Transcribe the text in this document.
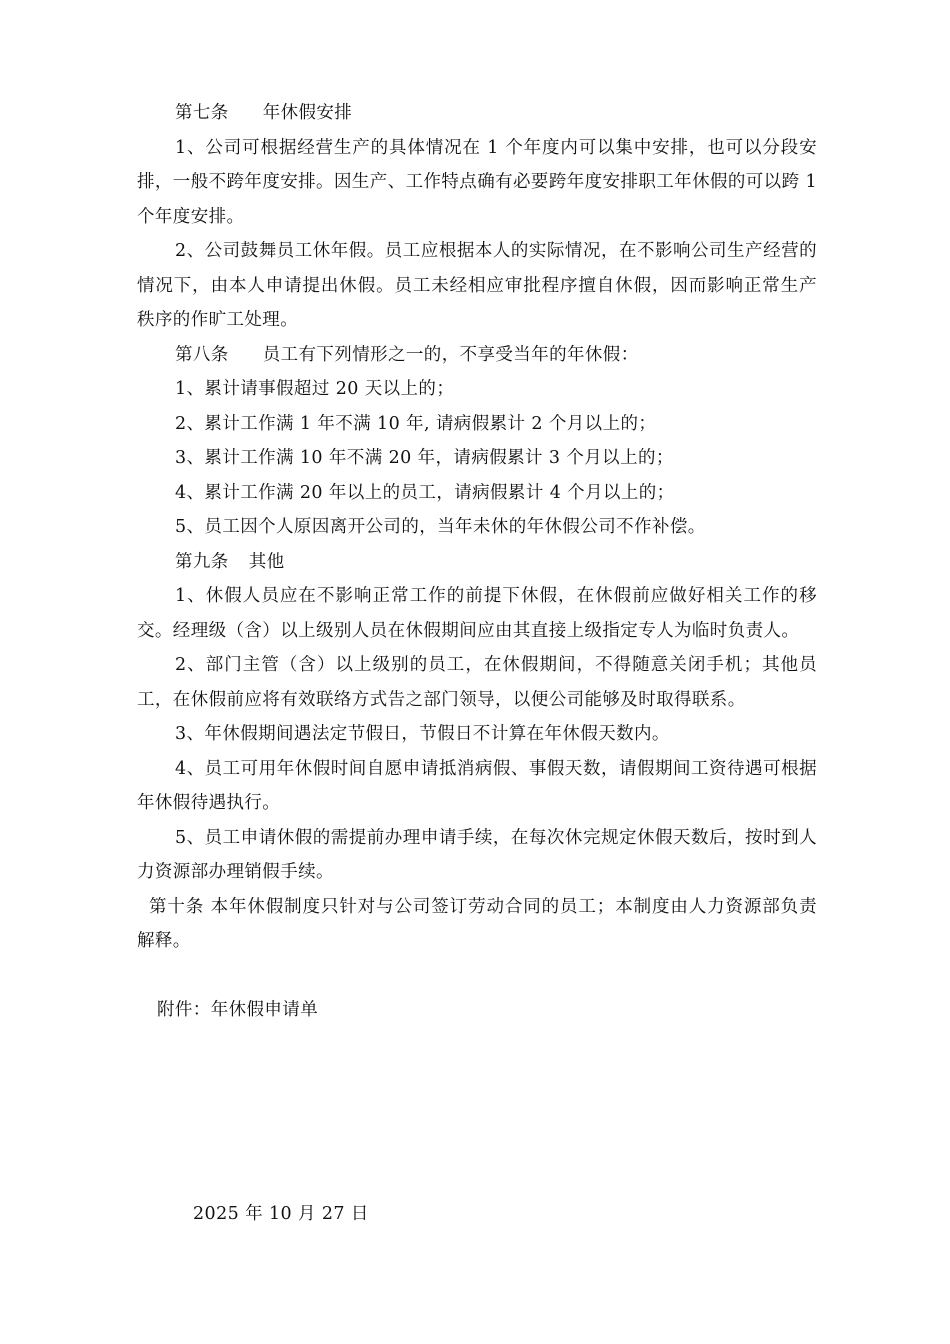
第七条 年休假安排

1、公司可根据经营生产的具体情况在 1 个年度内可以集中安排，也可以分段安排，一般不跨年度安排。因生产、工作特点确有必要跨年度安排职工年休假的可以跨 1 个年度安排。

2、公司鼓舞员工休年假。员工应根据本人的实际情况，在不影响公司生产经营的情况下，由本人申请提出休假。员工未经相应审批程序擅自休假，因而影响正常生产秩序的作旷工处理。

第八条 员工有下列情形之一的，不享受当年的年休假：

1、累计请事假超过 20 天以上的；

2、累计工作满 1 年不满 10 年, 请病假累计 2 个月以上的；

3、累计工作满 10 年不满 20 年，请病假累计 3 个月以上的；

4、累计工作满 20 年以上的员工，请病假累计 4 个月以上的；

5、员工因个人原因离开公司的，当年未休的年休假公司不作补偿。

第九条 其他

1、休假人员应在不影响正常工作的前提下休假，在休假前应做好相关工作的移交。经理级（含）以上级别人员在休假期间应由其直接上级指定专人为临时负责人。

2、部门主管（含）以上级别的员工，在休假期间，不得随意关闭手机；其他员工，在休假前应将有效联络方式告之部门领导，以便公司能够及时取得联系。

3、年休假期间遇法定节假日，节假日不计算在年休假天数内。

4、员工可用年休假时间自愿申请抵消病假、事假天数，请假期间工资待遇可根据年休假待遇执行。

5、员工申请休假的需提前办理申请手续，在每次休完规定休假天数后，按时到人力资源部办理销假手续。

第十条 本年休假制度只针对与公司签订劳动合同的员工；本制度由人力资源部负责解释。

附件：年休假申请单

2025 年 10 月 27 日
